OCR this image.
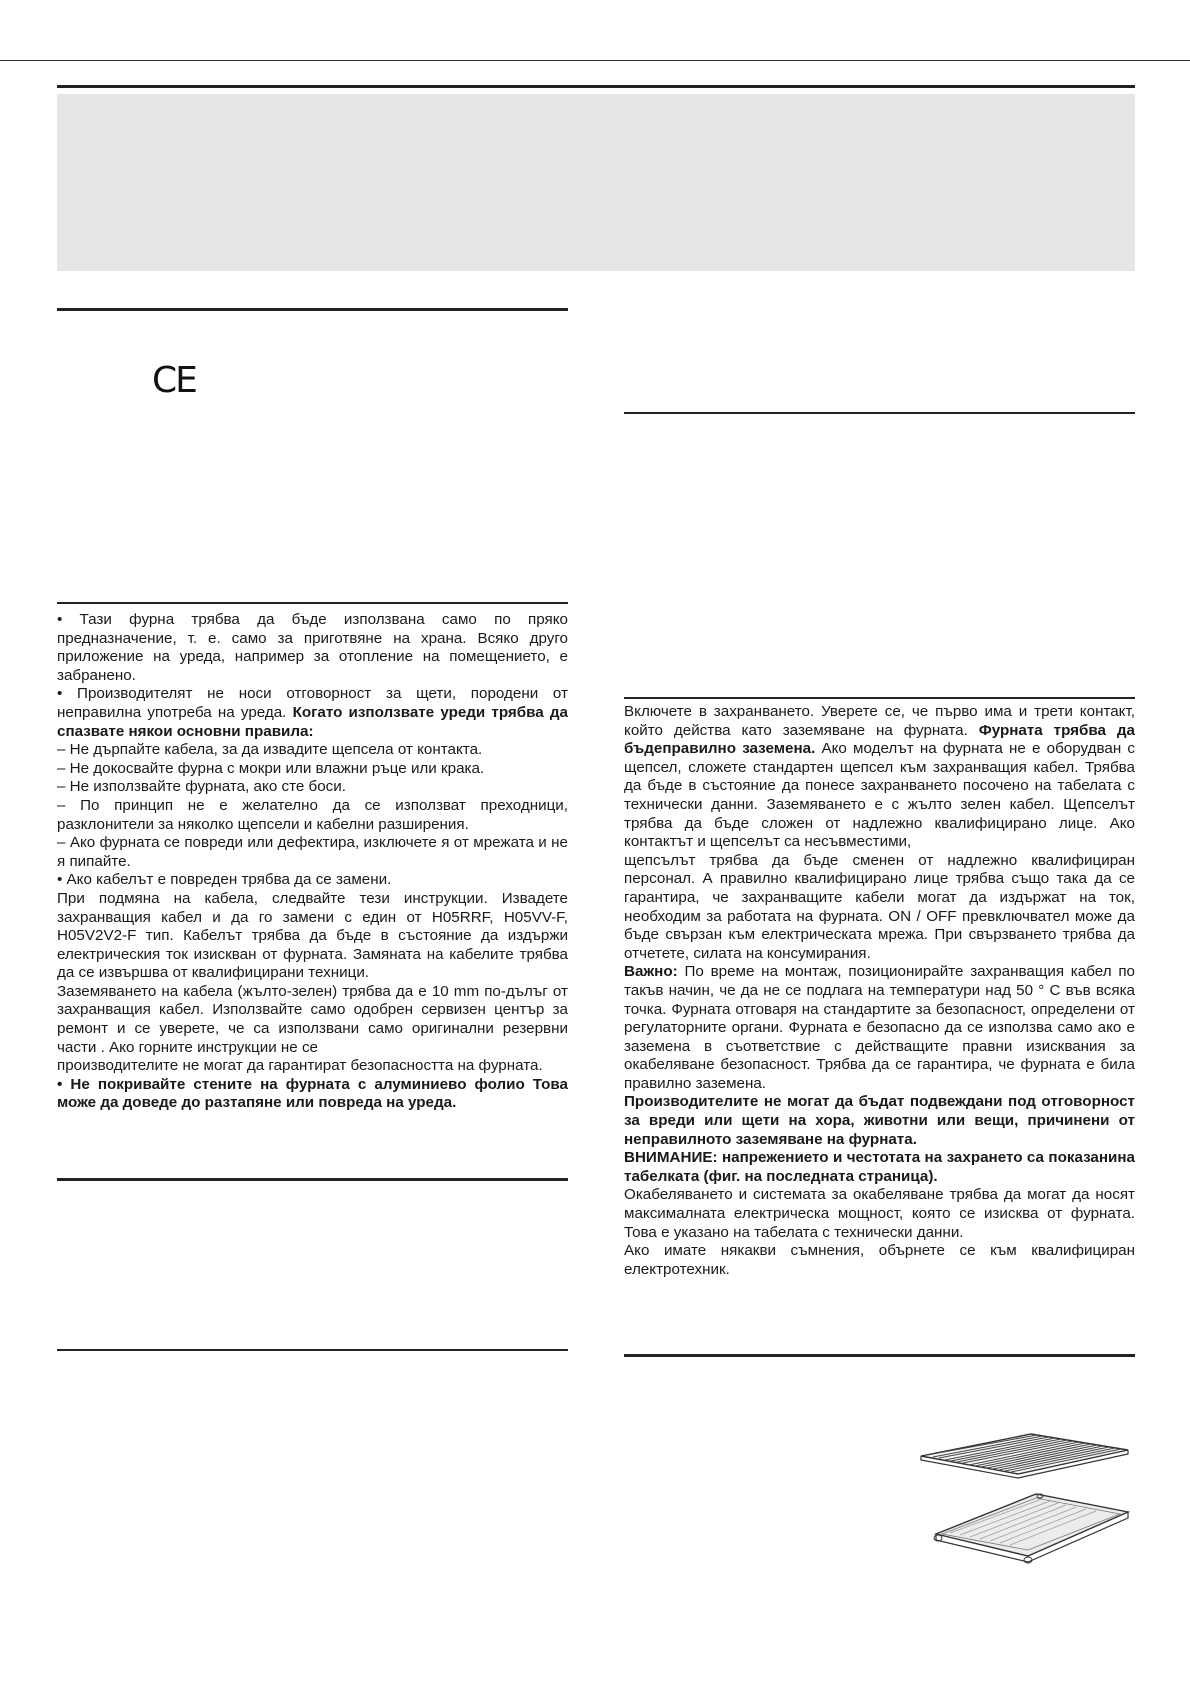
CE

• Тази фурна трябва да бъде използвана само по пряко предназначение, т. е. само за приготвяне на храна. Всяко друго приложение на уреда, например за отопление на помещението, е забранено.

• Производителят не носи отговорност за щети, породени от неправилна употреба на уреда. Когато използвате уреди трябва да спазвате някои основни правила:

– Не дърпайте кабела, за да извадите щепсела от контакта.

– Не докосвайте фурна с мокри или влажни ръце или крака.

– Не използвайте фурната, ако сте боси.

– По принцип не е желателно да се използват преходници, разклонители за няколко щепсели и кабелни разширения.

– Ако фурната се повреди или дефектира, изключете я от мрежата и не я пипайте.

• Ако кабелът е повреден трябва да се замени.

При подмяна на кабела, следвайте тези инструкции. Извадете захранващия кабел и да го замени с един от H05RRF, H05VV-F, H05V2V2-F тип. Кабелът трябва да бъде в състояние да издържи електрическия ток изискван от фурната. Замяната на кабелите трябва да се извършва от квалифицирани техници.

Заземяването на кабела (жълто-зелен) трябва да е 10 mm по-дълъг от захранващия кабел. Използвайте само одобрен сервизен център за ремонт и се уверете, че са използвани само оригинални резервни части . Ако горните инструкции не се

производителите не могат да гарантират безопасността на фурната.

• Не покривайте стените на фурната с алуминиево фолио Това може да доведе до разтапяне или повреда на уреда.

Включете в захранването. Уверете се, че първо има и трети контакт, който действа като заземяване на фурната. Фурната трябва да бъдеправилно заземена. Ако моделът на фурната не е оборудван с щепсел, сложете стандартен щепсел към захранващия кабел. Трябва да бъде в състояние да понесе захранването посочено на табелата с технически данни. Заземяването е с жълто зелен кабел. Щепселът трябва да бъде сложен от надлежно квалифицирано лице. Ако контактът и щепселът са несъвместими,

щепсълът трябва да бъде сменен от надлежно квалифициран персонал. А правилно квалифицирано лице трябва също така да се гарантира, че захранващите кабели могат да издържат на ток, необходим за работата на фурната. ON / OFF превключвател може да бъде свързан към електрическата мрежа. При свързването трябва да отчетете, силата на консумирания.

Важно: По време на монтаж, позиционирайте захранващия кабел по такъв начин, че да не се подлага на температури над 50 ° С във всяка точка. Фурната отговаря на стандартите за безопасност, определени от регулаторните органи. Фурната е безопасно да се използва само ако е заземена в съответствие с действащите правни изисквания за окабеляване безопасност. Трябва да се гарантира, че фурната е била правилно заземена.

Производителите не могат да бъдат подвеждани под отговорност за вреди или щети на хора, животни или вещи, причинени от неправилното заземяване на фурната.

ВНИМАНИЕ: напрежението и честотата на захрането са показанина табелката (фиг. на последната страница).

Окабеляването и системата за окабеляване трябва да могат да носят максималната електрическа мощност, която се изисква от фурната. Това е указано на табелата с технически данни.

Ако имате някакви съмнения, обърнете се към квалифициран електротехник.
